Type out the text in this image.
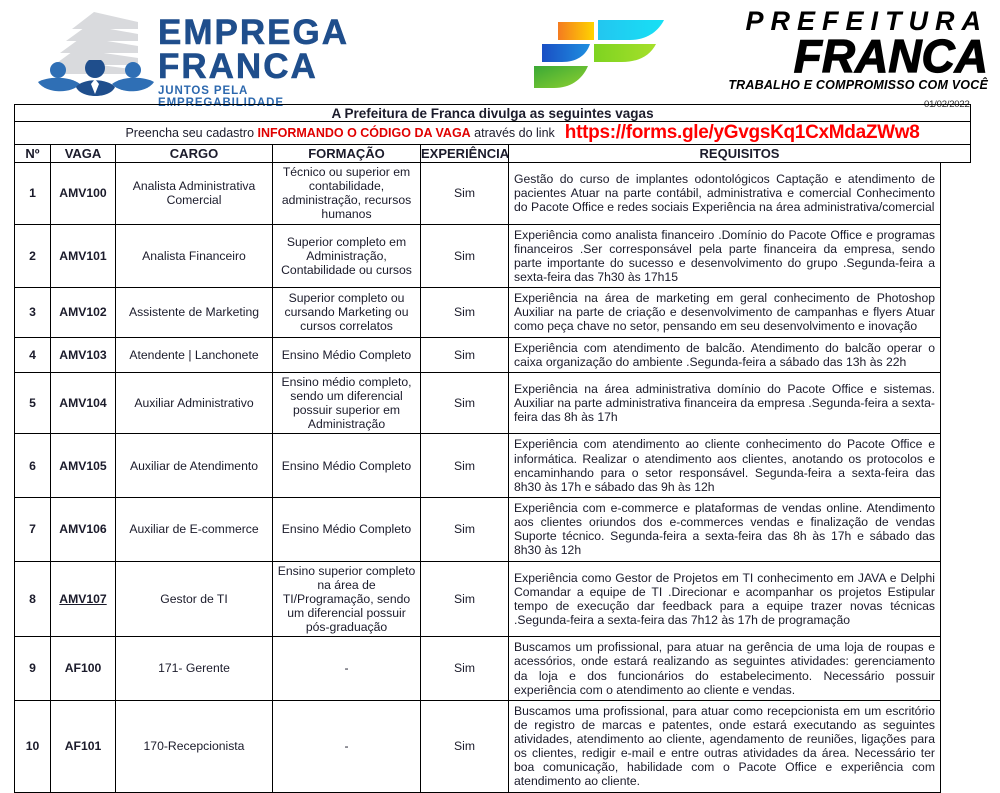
EMPREGA
FRANCA
JUNTOS PELA EMPREGABILIDADE
PREFEITURA
FRANCA
TRABALHO E COMPROMISSO COM VOCÊ
01/02/2022
A Prefeitura de Franca divulga as seguintes vagas						
Preencha seu cadastro INFORMANDO O CÓDIGO DA VAGA através do link https://forms.gle/yGvgsKq1CxMdaZWw8						
Nº	VAGA	CARGO	FORMAÇÃO	EXPERIÊNCIA	REQUISITOS	
1	AMV100	Analista Administrativa Comercial	Técnico ou superior em contabilidade, administração, recursos humanos	Sim	Gestão do curso de implantes odontológicos Captação e atendimento de pacientes Atuar na parte contábil, administrativa e comercial Conhecimento do Pacote Office e redes sociais Experiência na área administrativa/comercial	
2	AMV101	Analista Financeiro	Superior completo em Administração, Contabilidade ou cursos	Sim	Experiência como analista financeiro .Domínio do Pacote Office e programas financeiros .Ser corresponsável pela parte financeira da empresa, sendo parte importante do sucesso e desenvolvimento do grupo .Segunda-feira a sexta-feira das 7h30 às 17h15	
3	AMV102	Assistente de Marketing	Superior completo ou cursando Marketing ou cursos correlatos	Sim	Experiência na área de marketing em geral conhecimento de Photoshop Auxiliar na parte de criação e desenvolvimento de campanhas e flyers Atuar como peça chave no setor, pensando em seu desenvolvimento e inovação	
4	AMV103	Atendente | Lanchonete	Ensino Médio Completo	Sim	Experiência com atendimento de balcão. Atendimento do balcão operar o caixa organização do ambiente .Segunda-feira a sábado das 13h às 22h	
5	AMV104	Auxiliar Administrativo	Ensino médio completo, sendo um diferencial possuir superior em Administração	Sim	Experiência na área administrativa domínio do Pacote Office e sistemas. Auxiliar na parte administrativa financeira da empresa .Segunda-feira a sexta-feira das 8h às 17h	
6	AMV105	Auxiliar de Atendimento	Ensino Médio Completo	Sim	Experiência com atendimento ao cliente conhecimento do Pacote Office e informática. Realizar o atendimento aos clientes, anotando os protocolos e encaminhando para o setor responsável. Segunda-feira a sexta-feira das 8h30 às 17h e sábado das 9h às 12h	
7	AMV106	Auxiliar de E-commerce	Ensino Médio Completo	Sim	Experiência com e-commerce e plataformas de vendas online. Atendimento aos clientes oriundos dos e-commerces vendas e finalização de vendas Suporte técnico. Segunda-feira a sexta-feira das 8h às 17h e sábado das 8h30 às 12h	
8	AMV107	Gestor de TI	Ensino superior completo na área de TI/Programação, sendo um diferencial possuir pós-graduação	Sim	Experiência como Gestor de Projetos em TI conhecimento em JAVA e Delphi Comandar a equipe de TI .Direcionar e acompanhar os projetos Estipular tempo de execução dar feedback para a equipe trazer novas técnicas .Segunda-feira a sexta-feira das 7h12 às 17h de programação	
9	AF100	171- Gerente	-	Sim	Buscamos um profissional, para atuar na gerência de uma loja de roupas e acessórios, onde estará realizando as seguintes atividades: gerenciamento da loja e dos funcionários do estabelecimento. Necessário possuir experiência com o atendimento ao cliente e vendas.	
10	AF101	170-Recepcionista	-	Sim	Buscamos uma profissional, para atuar como recepcionista em um escritório de registro de marcas e patentes, onde estará executando as seguintes atividades, atendimento ao cliente, agendamento de reuniões, ligações para os clientes, redigir e-mail e entre outras atividades da área. Necessário ter boa comunicação, habilidade com o Pacote Office e experiência com atendimento ao cliente.	
